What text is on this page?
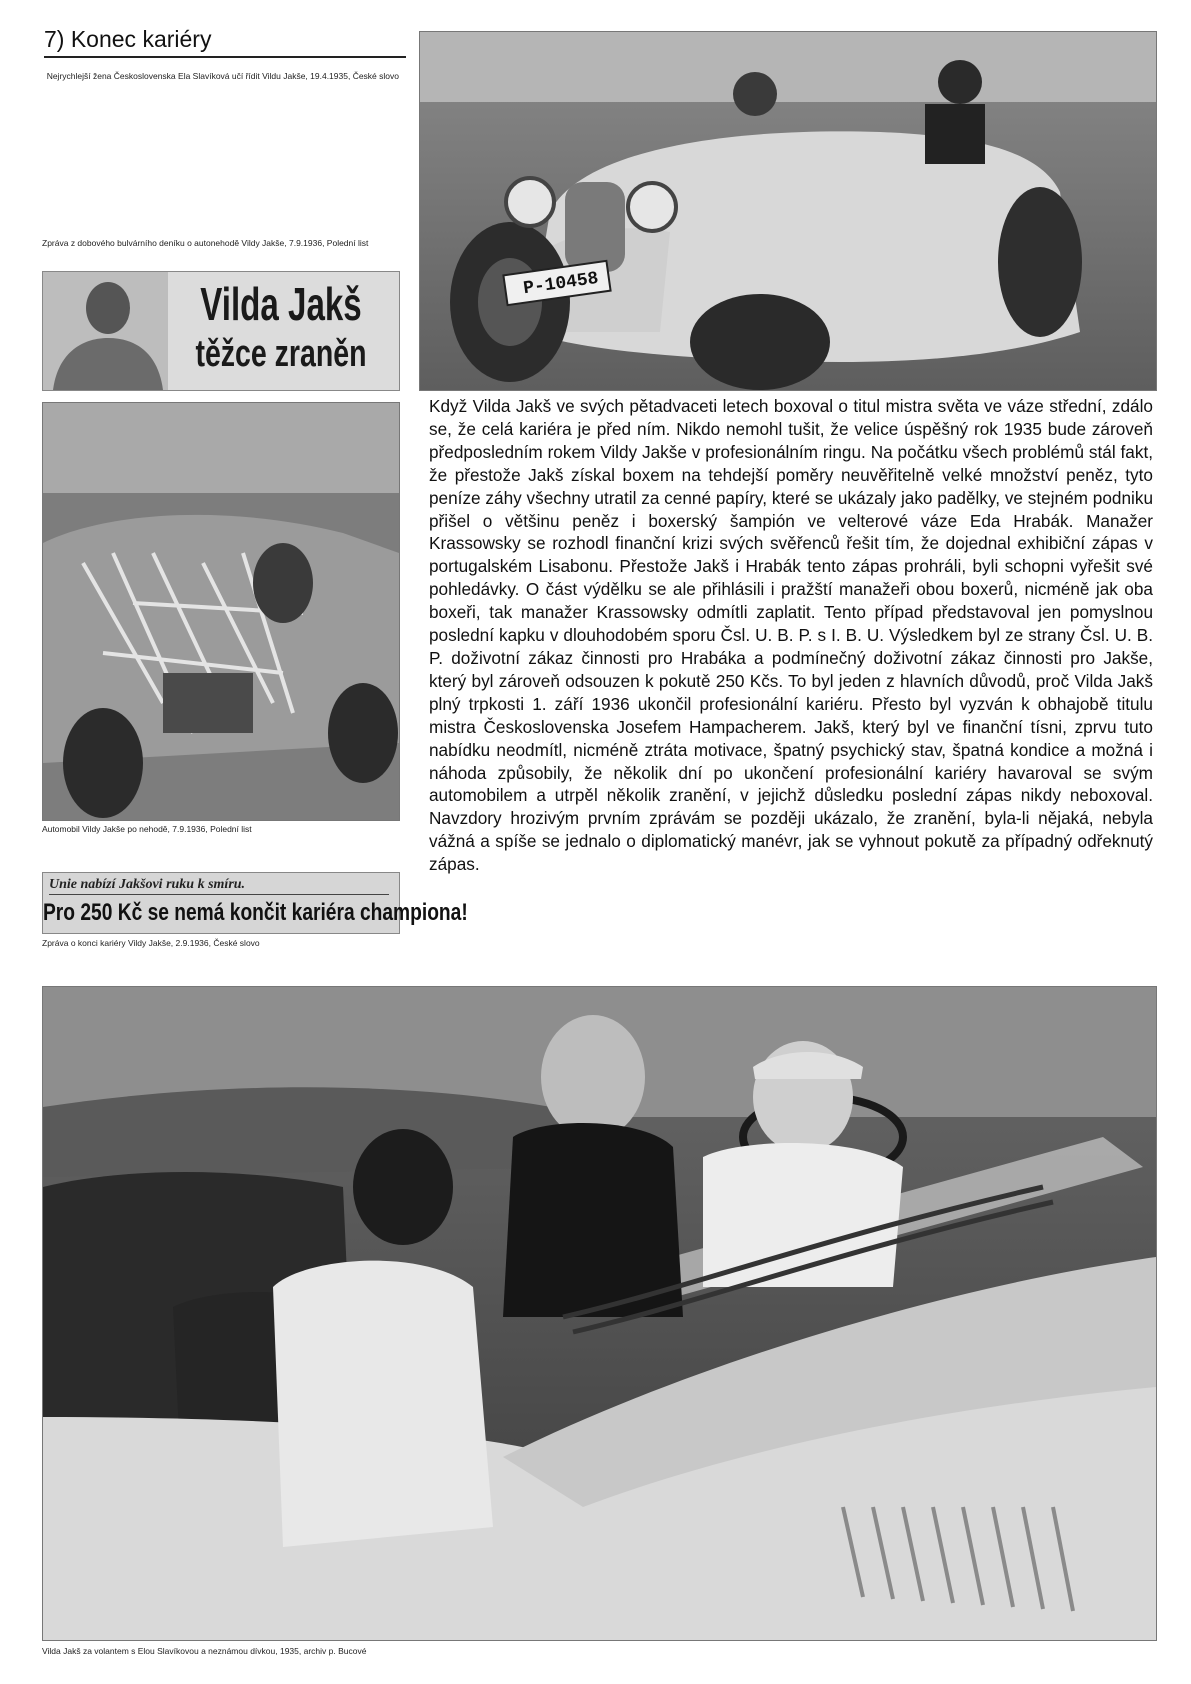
7) Konec kariéry
Nejrychlejší žena Československa Ela Slavíková učí řídit Vildu Jakše, 19.4.1935, České slovo
P-10458
Zpráva z dobového bulvárního deníku o autonehodě Vildy Jakše, 7.9.1936, Polední list
Vilda Jakš
těžce zraněn
Automobil Vildy Jakše po nehodě, 7.9.1936, Polední list
Unie nabízí Jakšovi ruku k smíru.
Pro 250 Kč se nemá končit kariéra championa!
Zpráva o konci kariéry Vildy Jakše, 2.9.1936, České slovo

Když Vilda Jakš ve svých pětadvaceti letech boxoval o titul mistra světa ve váze střední, zdálo se, že celá kariéra je před ním. Nikdo nemohl tušit, že velice úspěšný rok 1935 bude zároveň předposledním rokem Vildy Jakše v profesionálním ringu. Na počátku všech problémů stál fakt, že přestože Jakš získal boxem na tehdejší poměry neuvěřitelně velké množství peněz, tyto peníze záhy všechny utratil za cenné papíry, které se ukázaly jako padělky, ve stejném podniku přišel o většinu peněz i boxerský šampión ve velterové váze Eda Hrabák. Manažer Krassowsky se rozhodl finanční krizi svých svěřenců řešit tím, že dojednal exhibiční zápas v portugalském Lisabonu. Přestože Jakš i Hrabák tento zápas prohráli, byli schopni vyřešit své pohledávky. O část výdělku se ale přihlásili i pražští manažeři obou boxerů, nicméně jak oba boxeři, tak manažer Krassowsky odmítli zaplatit. Tento případ představoval jen pomyslnou poslední kapku v dlouhodobém sporu Čsl. U. B. P. s I. B. U. Výsledkem byl ze strany Čsl. U. B. P. doživotní zákaz činnosti pro Hrabáka a podmínečný doživotní zákaz činnosti pro Jakše, který byl zároveň odsouzen k pokutě 250 Kčs. To byl jeden z hlavních důvodů, proč Vilda Jakš plný trpkosti 1. září 1936 ukončil profesionální kariéru. Přesto byl vyzván k obhajobě titulu mistra Československa Josefem Hampacherem. Jakš, který byl ve finanční tísni, zprvu tuto nabídku neodmítl, nicméně ztráta motivace, špatný psychický stav, špatná kondice a možná i náhoda způsobily, že několik dní po ukončení profesionální kariéry havaroval se svým automobilem a utrpěl několik zranění, v jejichž důsledku poslední zápas nikdy neboxoval. Navzdory hrozivým prvním zprávám se později ukázalo, že zranění, byla-li nějaká, nebyla vážná a spíše se jednalo o diplomatický manévr, jak se vyhnout pokutě za případný odřeknutý zápas.

Vilda Jakš za volantem s Elou Slavíkovou a neznámou dívkou, 1935, archiv p. Bucové
